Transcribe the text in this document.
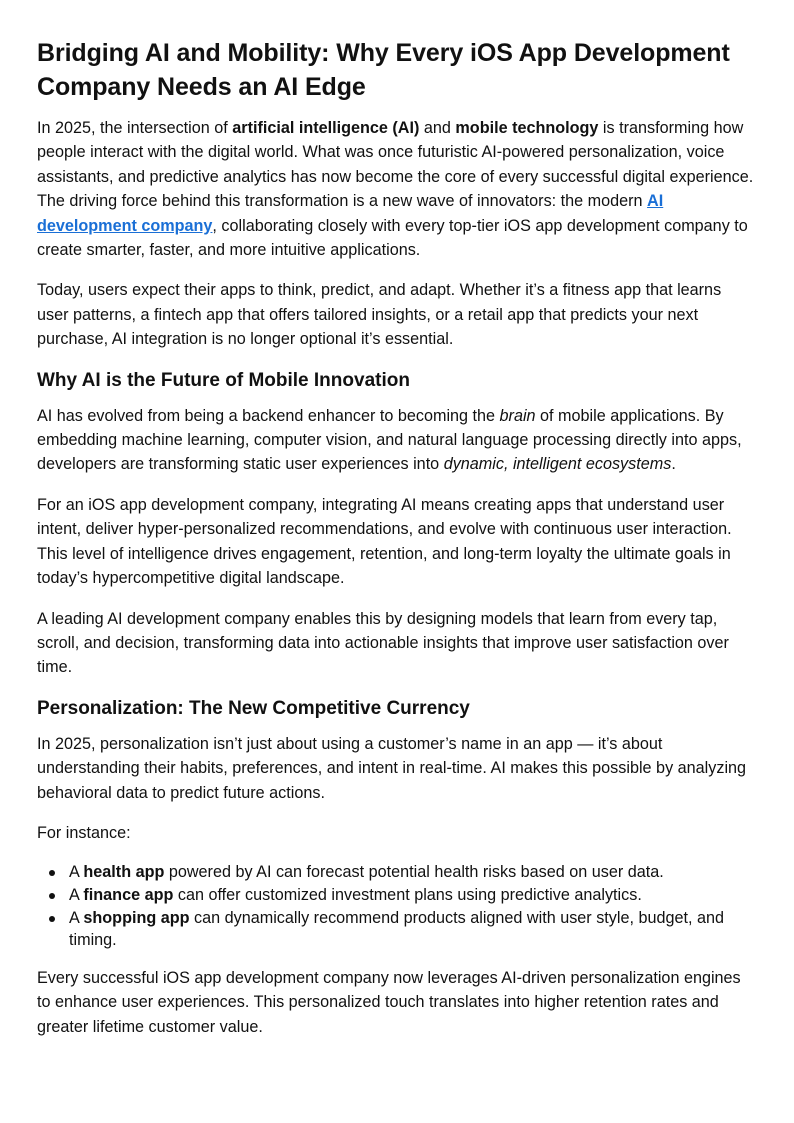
Bridging AI and Mobility: Why Every iOS App Development Company Needs an AI Edge

In 2025, the intersection of artificial intelligence (AI) and mobile technology is transforming how people interact with the digital world. What was once futuristic AI-powered personalization, voice assistants, and predictive analytics has now become the core of every successful digital experience. The driving force behind this transformation is a new wave of innovators: the modern AI development company, collaborating closely with every top-tier iOS app development company to create smarter, faster, and more intuitive applications.

Today, users expect their apps to think, predict, and adapt. Whether it’s a fitness app that learns user patterns, a fintech app that offers tailored insights, or a retail app that predicts your next purchase, AI integration is no longer optional it’s essential.

Why AI is the Future of Mobile Innovation

AI has evolved from being a backend enhancer to becoming the brain of mobile applications. By embedding machine learning, computer vision, and natural language processing directly into apps, developers are transforming static user experiences into dynamic, intelligent ecosystems.

For an iOS app development company, integrating AI means creating apps that understand user intent, deliver hyper-personalized recommendations, and evolve with continuous user interaction. This level of intelligence drives engagement, retention, and long-term loyalty the ultimate goals in today’s hypercompetitive digital landscape.

A leading AI development company enables this by designing models that learn from every tap, scroll, and decision, transforming data into actionable insights that improve user satisfaction over time.

Personalization: The New Competitive Currency

In 2025, personalization isn’t just about using a customer’s name in an app — it’s about understanding their habits, preferences, and intent in real-time. AI makes this possible by analyzing behavioral data to predict future actions.

For instance:

A health app powered by AI can forecast potential health risks based on user data.
A finance app can offer customized investment plans using predictive analytics.
A shopping app can dynamically recommend products aligned with user style, budget, and timing.

Every successful iOS app development company now leverages AI-driven personalization engines to enhance user experiences. This personalized touch translates into higher retention rates and greater lifetime customer value.
